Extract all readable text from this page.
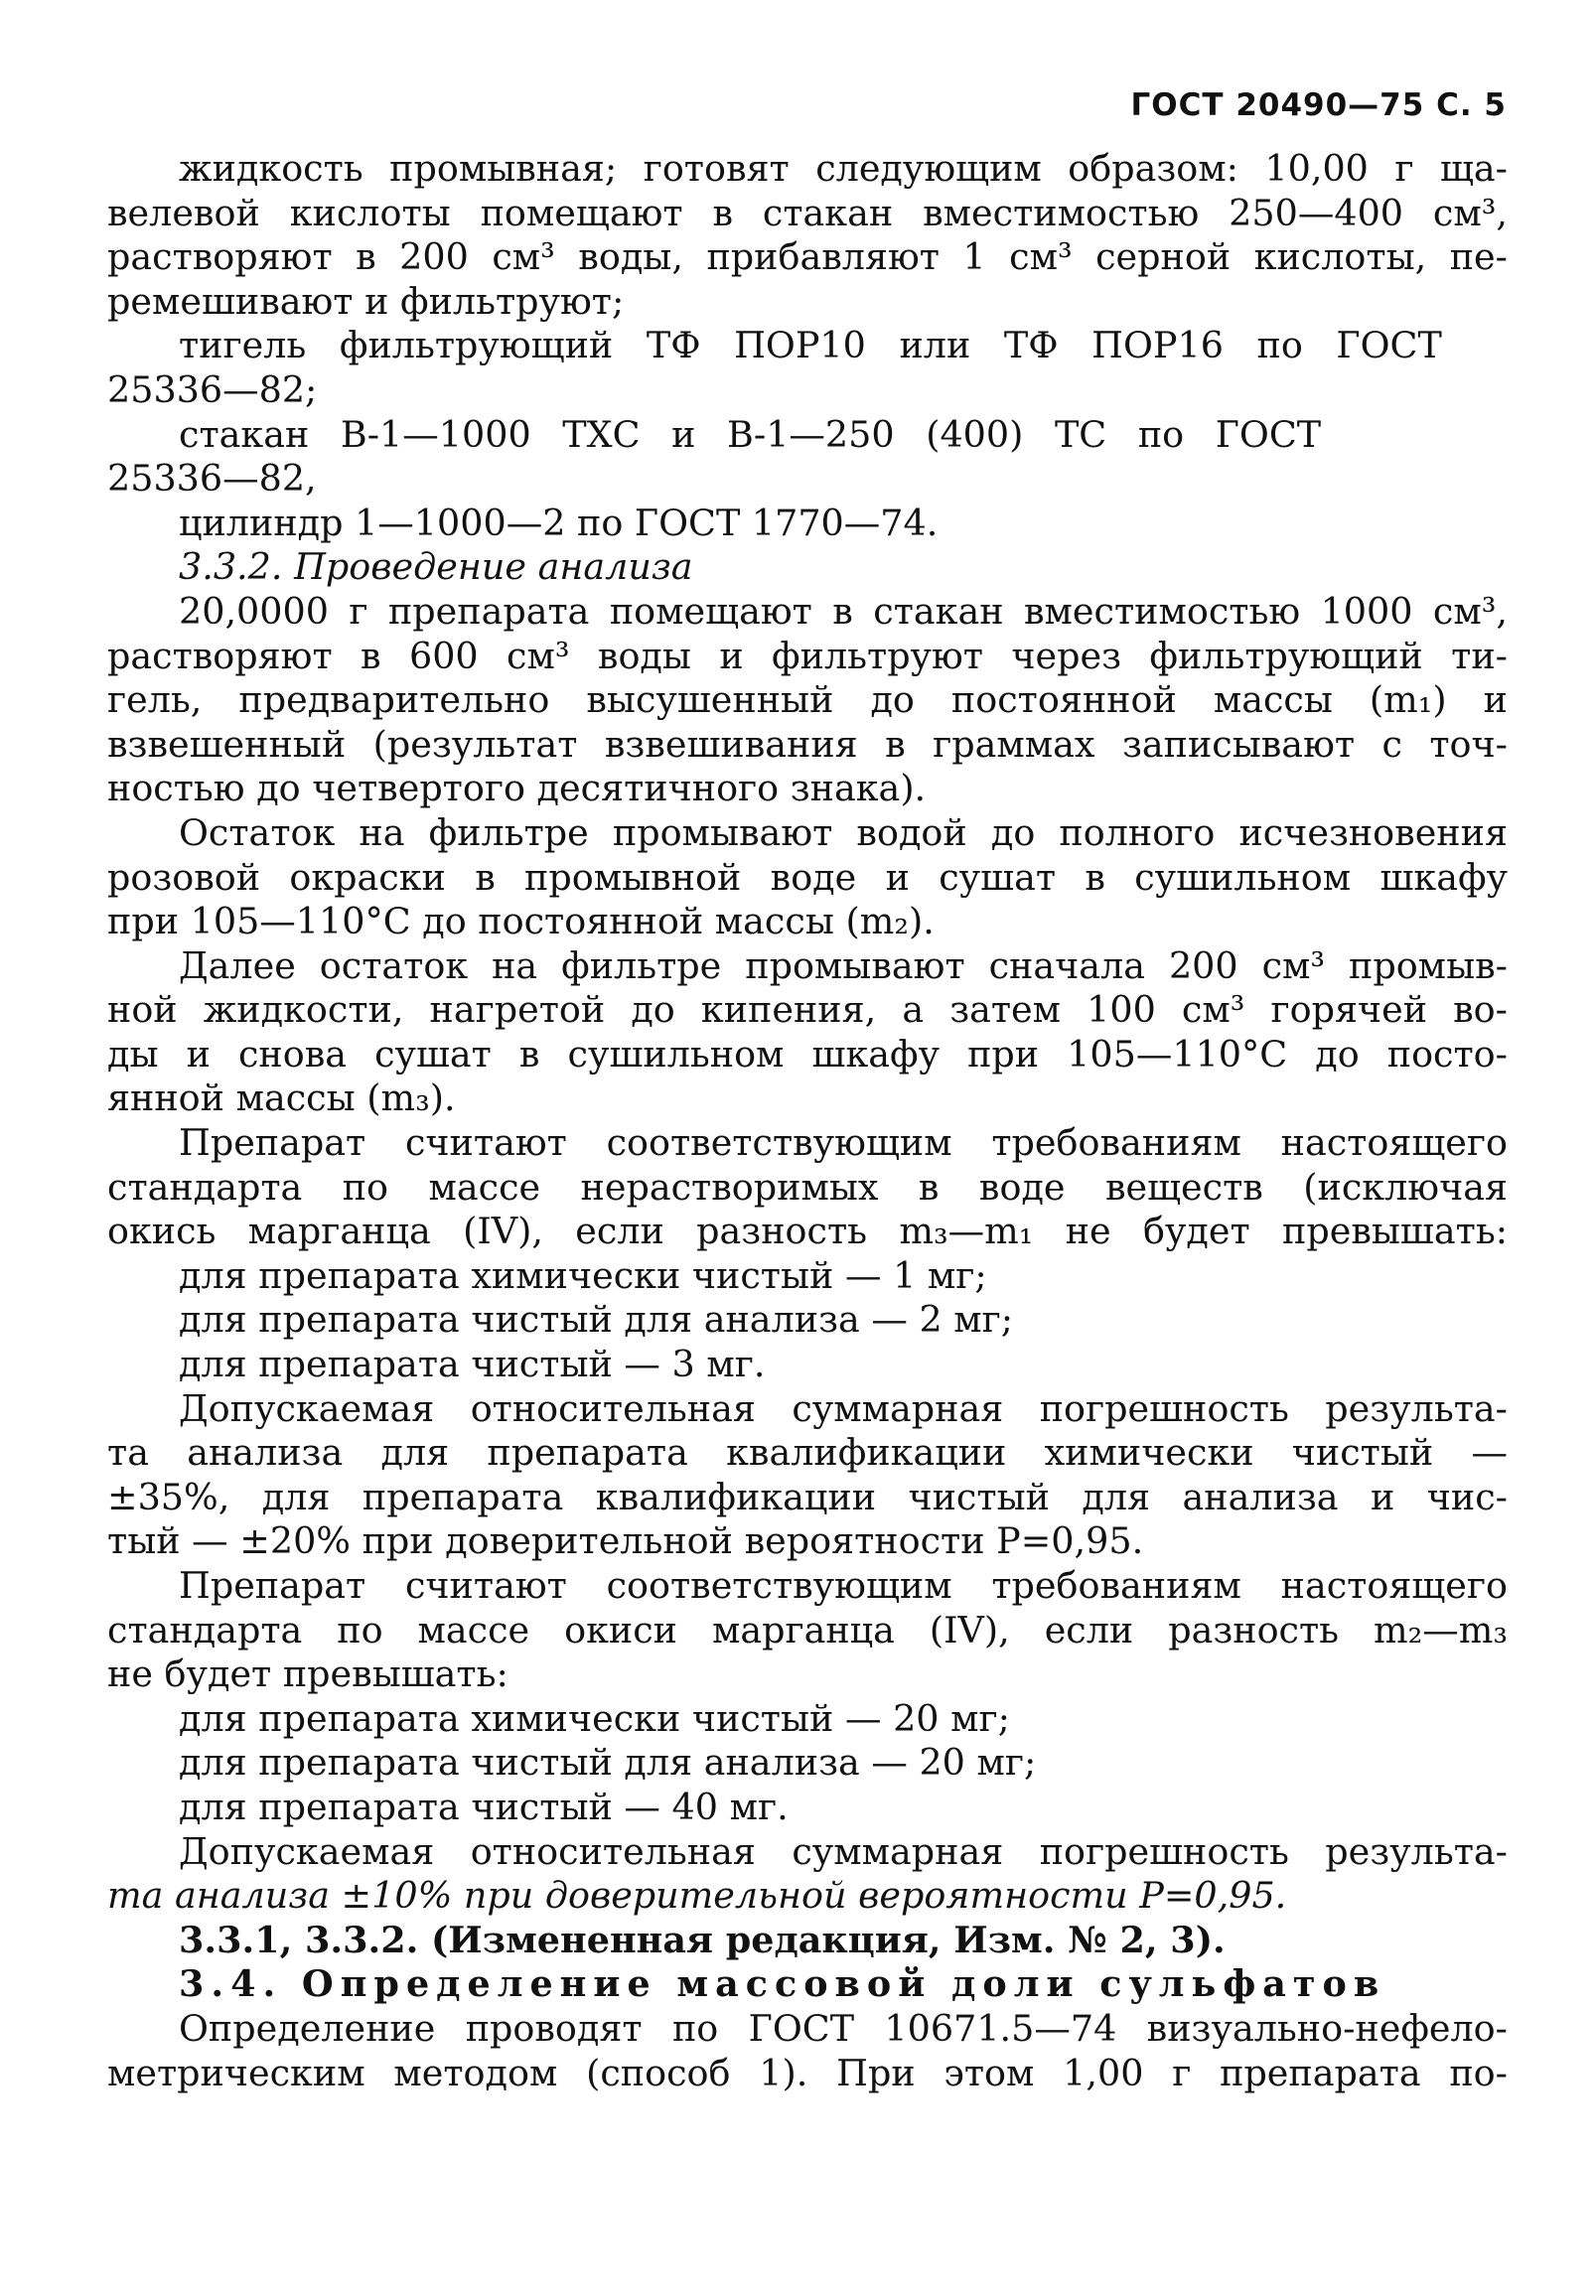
ГОСТ 20490—75 С. 5
жидкость промывная; готовят следующим образом: 10,00 г ща-
велевой кислоты помещают в стакан вместимостью 250—400 см³,
растворяют в 200 см³ воды, прибавляют 1 см³ серной кислоты, пе-
ремешивают и фильтруют;
тигель фильтрующий ТФ ПОР10 или ТФ ПОР16 по ГОСТ
25336—82;
стакан В-1—1000 ТХС и В-1—250 (400) ТС по ГОСТ
25336—82,
цилиндр 1—1000—2 по ГОСТ 1770—74.
3.3.2. Проведение анализа
20,0000 г препарата помещают в стакан вместимостью 1000 см³,
растворяют в 600 см³ воды и фильтруют через фильтрующий ти-
гель, предварительно высушенный до постоянной массы (m₁) и
взвешенный (результат взвешивания в граммах записывают с точ-
ностью до четвертого десятичного знака).
Остаток на фильтре промывают водой до полного исчезновения
розовой окраски в промывной воде и сушат в сушильном шкафу
при 105—110°С до постоянной массы (m₂).
Далее остаток на фильтре промывают сначала 200 см³ промыв-
ной жидкости, нагретой до кипения, а затем 100 см³ горячей во-
ды и снова сушат в сушильном шкафу при 105—110°С до посто-
янной массы (m₃).
Препарат считают соответствующим требованиям настоящего
стандарта по массе нерастворимых в воде веществ (исключая
окись марганца (IV), если разность m₃—m₁ не будет превышать:
для препарата химически чистый — 1 мг;
для препарата чистый для анализа — 2 мг;
для препарата чистый — 3 мг.
Допускаемая относительная суммарная погрешность результа-
та анализа для препарата квалификации химически чистый —
±35%, для препарата квалификации чистый для анализа и чис-
тый — ±20% при доверительной вероятности P=0,95.
Препарат считают соответствующим требованиям настоящего
стандарта по массе окиси марганца (IV), если разность m₂—m₃
не будет превышать:
для препарата химически чистый — 20 мг;
для препарата чистый для анализа — 20 мг;
для препарата чистый — 40 мг.
Допускаемая относительная суммарная погрешность результа-
та анализа ±10% при доверительной вероятности P=0,95.
3.3.1, 3.3.2. (Измененная редакция, Изм. № 2, 3).
3.4. Определение массовой доли сульфатов
Определение проводят по ГОСТ 10671.5—74 визуально-нефело-
метрическим методом (способ 1). При этом 1,00 г препарата по-
